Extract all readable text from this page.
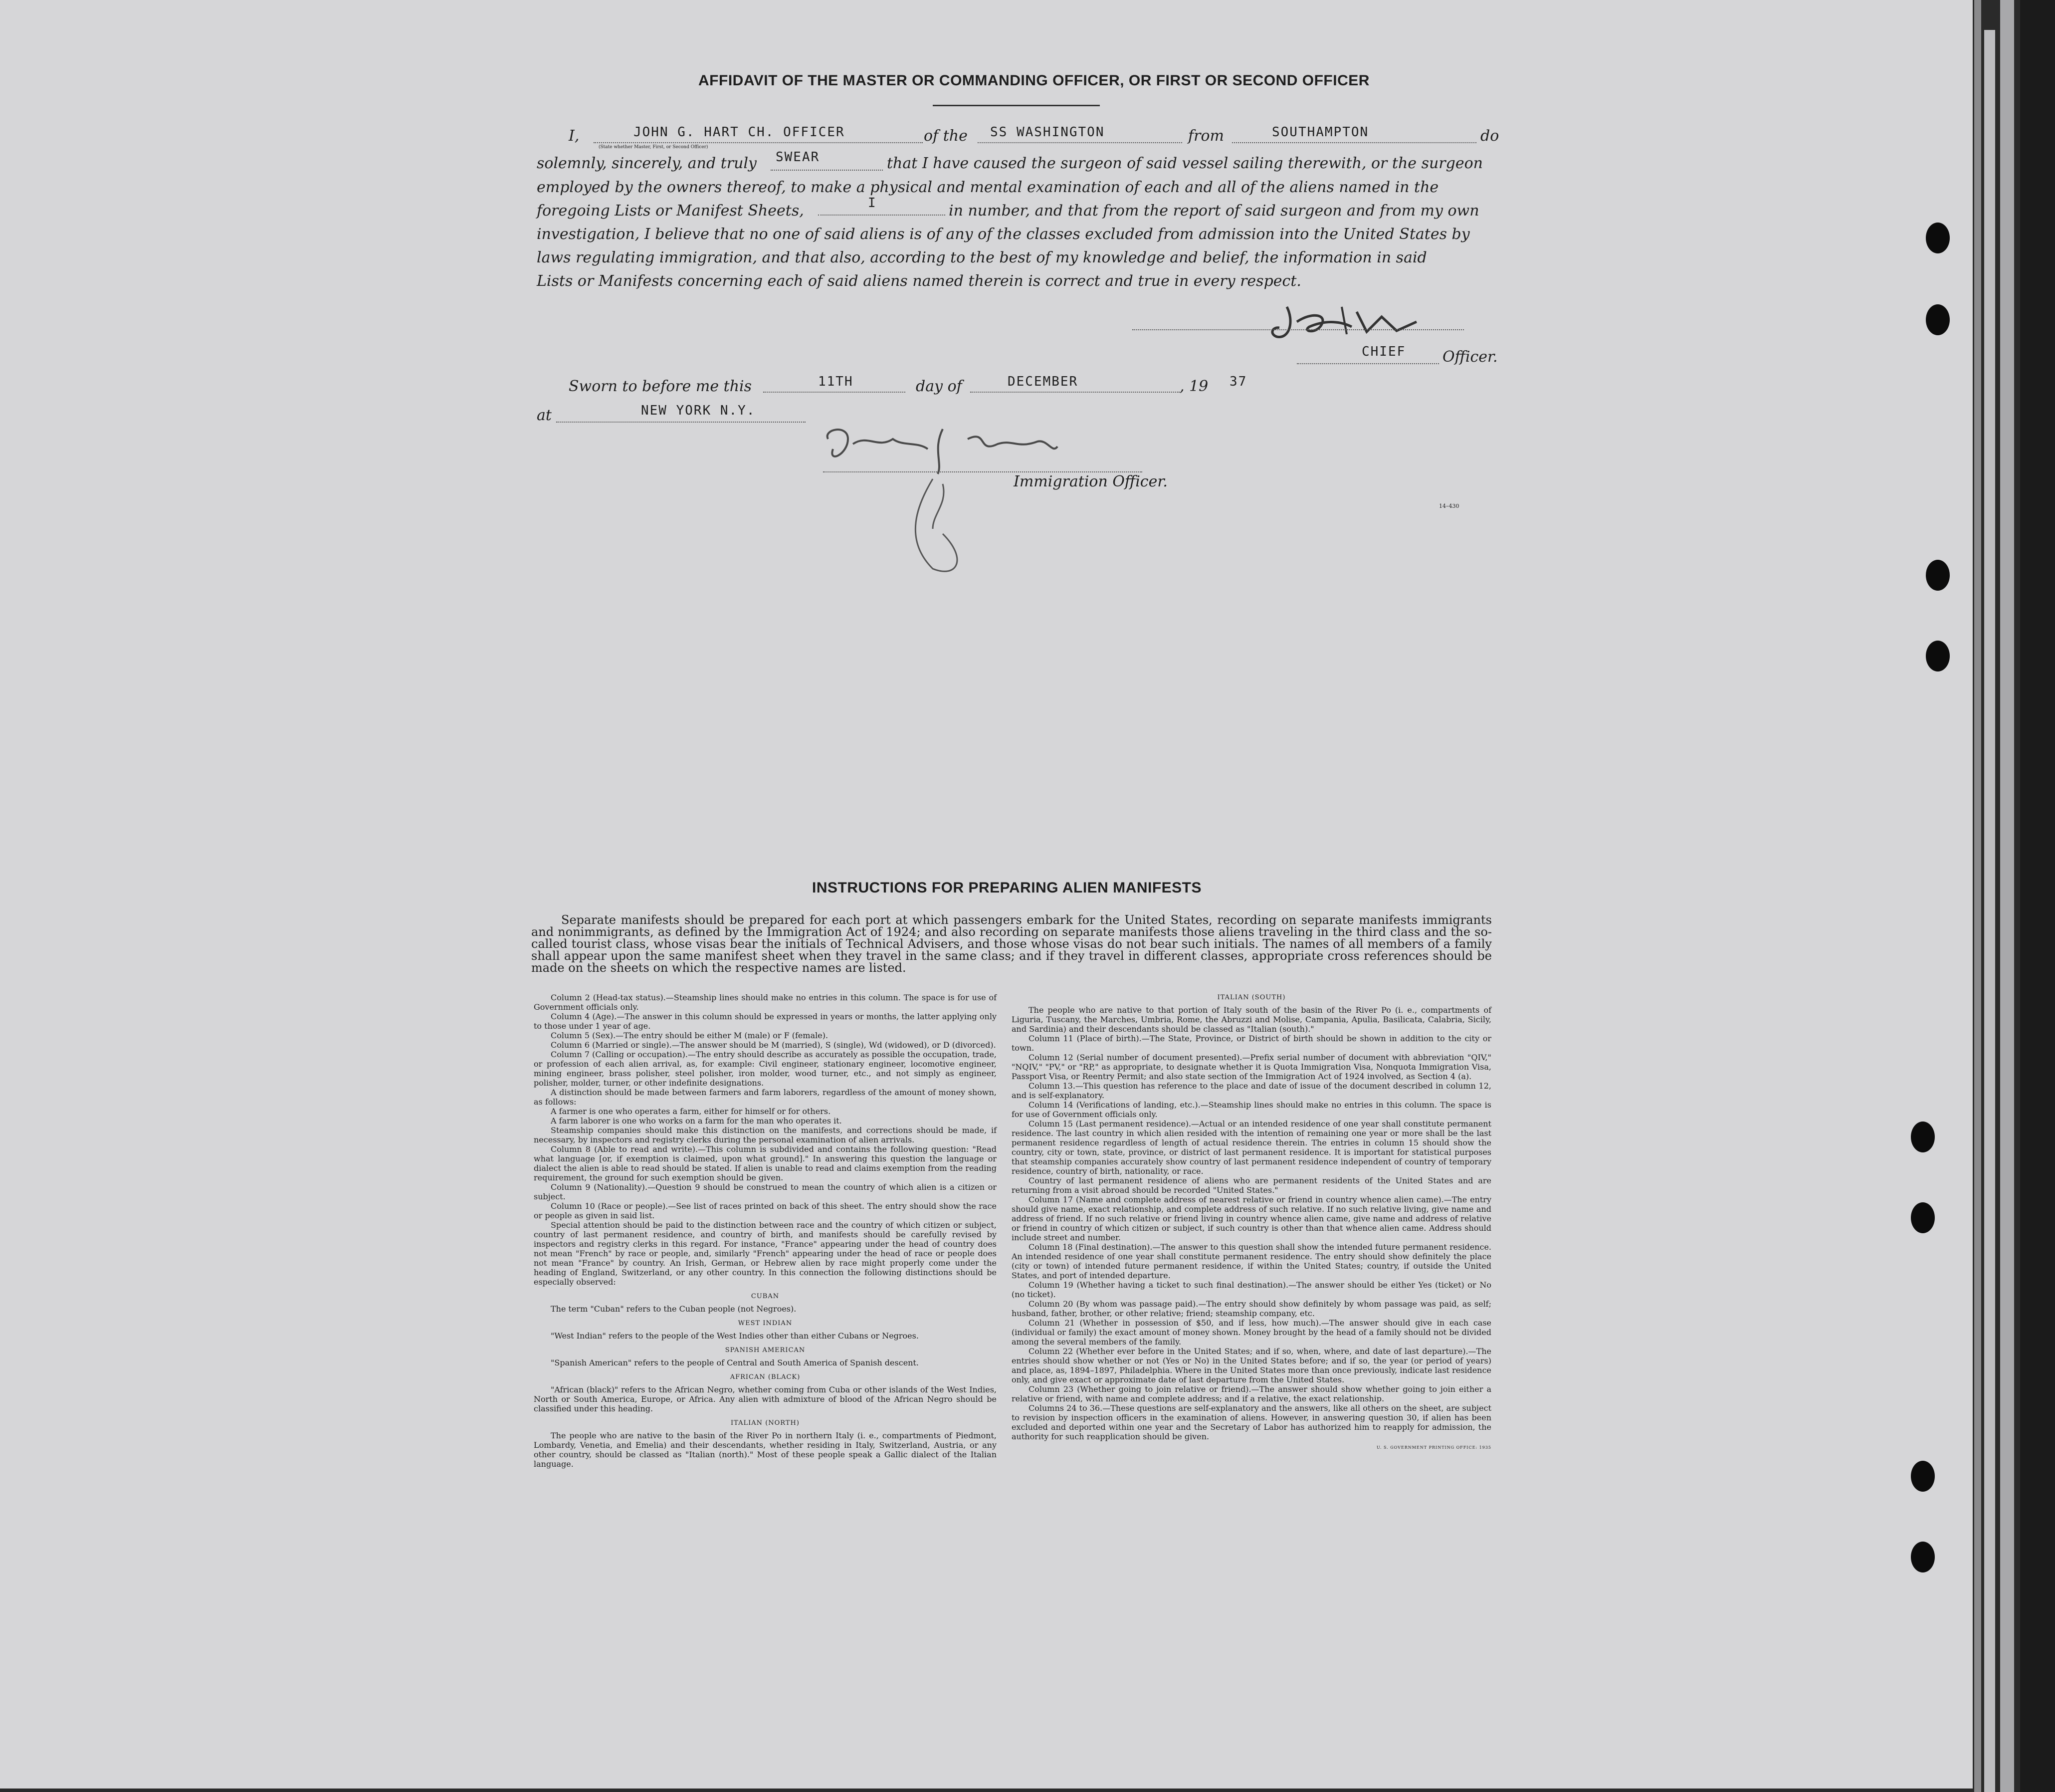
AFFIDAVIT OF THE MASTER OR COMMANDING OFFICER, OR FIRST OR SECOND OFFICER
I,	JOHN G. HART CH. OFFICER
(State whether Master, First, or Second Officer)
of the SS WASHINGTON	from	SOUTHAMPTON	do
solemnly, sincerely, and truly SWEAR	that I have caused the surgeon of said vessel sailing therewith, or the surgeon
employed by the owners thereof, to make a physical and mental examination of each and all of the aliens named in the
foregoing Lists or Manifest Sheets,	I	in number, and that from the report of said surgeon and from my own
investigation, I believe that no one of said aliens is of any of the classes excluded from admission into the United States by
laws regulating immigration, and that also, according to the best of my knowledge and belief, the information in said
Lists or Manifests concerning each of said aliens named therein is correct and true in every respect.
CHIEF Officer.
Sworn to before me this	11TH	day of	DECEMBER	, 19 37
at	NEW YORK N.Y.
Immigration Officer.
14–430
INSTRUCTIONS FOR PREPARING ALIEN MANIFESTS
Separate manifests should be prepared for each port at which passengers embark for the United States, recording on separate manifests immigrants and nonimmigrants, as defined by the Immigration Act of 1924; and also recording on separate manifests those aliens traveling in the third class and the so-called tourist class, whose visas bear the initials of Technical Advisers, and those whose visas do not bear such initials. The names of all members of a family shall appear upon the same manifest sheet when they travel in the same class; and if they travel in different classes, appropriate cross references should be made on the sheets on which the respective names are listed.

Column 2 (Head-tax status).—Steamship lines should make no entries in this column. The space is for use of Government officials only.

Column 4 (Age).—The answer in this column should be expressed in years or months, the latter applying only to those under 1 year of age.

Column 5 (Sex).—The entry should be either M (male) or F (female).

Column 6 (Married or single).—The answer should be M (married), S (single), Wd (widowed), or D (divorced).

Column 7 (Calling or occupation).—The entry should describe as accurately as possible the occupation, trade, or profession of each alien arrival, as, for example: Civil engineer, stationary engineer, locomotive engineer, mining engineer, brass polisher, steel polisher, iron molder, wood turner, etc., and not simply as engineer, polisher, molder, turner, or other indefinite designations.

A distinction should be made between farmers and farm laborers, regardless of the amount of money shown, as follows:

A farmer is one who operates a farm, either for himself or for others.

A farm laborer is one who works on a farm for the man who operates it.

Steamship companies should make this distinction on the manifests, and corrections should be made, if necessary, by inspectors and registry clerks during the personal examination of alien arrivals.

Column 8 (Able to read and write).—This column is subdivided and contains the following question: "Read what language [or, if exemption is claimed, upon what ground]." In answering this question the language or dialect the alien is able to read should be stated. If alien is unable to read and claims exemption from the reading requirement, the ground for such exemption should be given.

Column 9 (Nationality).—Question 9 should be construed to mean the country of which alien is a citizen or subject.

Column 10 (Race or people).—See list of races printed on back of this sheet. The entry should show the race or people as given in said list.

Special attention should be paid to the distinction between race and the country of which citizen or subject, country of last permanent residence, and country of birth, and manifests should be carefully revised by inspectors and registry clerks in this regard. For instance, "France" appearing under the head of country does not mean "French" by race or people, and, similarly "French" appearing under the head of race or people does not mean "France" by country. An Irish, German, or Hebrew alien by race might properly come under the heading of England, Switzerland, or any other country. In this connection the following distinctions should be especially observed:

CUBAN

The term "Cuban" refers to the Cuban people (not Negroes).

WEST INDIAN

"West Indian" refers to the people of the West Indies other than either Cubans or Negroes.

SPANISH AMERICAN

"Spanish American" refers to the people of Central and South America of Spanish descent.

AFRICAN (BLACK)

"African (black)" refers to the African Negro, whether coming from Cuba or other islands of the West Indies, North or South America, Europe, or Africa. Any alien with admixture of blood of the African Negro should be classified under this heading.

ITALIAN (NORTH)

The people who are native to the basin of the River Po in northern Italy (i. e., compartments of Piedmont, Lombardy, Venetia, and Emelia) and their descendants, whether residing in Italy, Switzerland, Austria, or any other country, should be classed as "Italian (north)." Most of these people speak a Gallic dialect of the Italian language.

ITALIAN (SOUTH)

The people who are native to that portion of Italy south of the basin of the River Po (i. e., compartments of Liguria, Tuscany, the Marches, Umbria, Rome, the Abruzzi and Molise, Campania, Apulia, Basilicata, Calabria, Sicily, and Sardinia) and their descendants should be classed as "Italian (south)."

Column 11 (Place of birth).—The State, Province, or District of birth should be shown in addition to the city or town.

Column 12 (Serial number of document presented).—Prefix serial number of document with abbreviation "QIV," "NQIV," "PV," or "RP," as appropriate, to designate whether it is Quota Immigration Visa, Nonquota Immigration Visa, Passport Visa, or Reentry Permit; and also state section of the Immigration Act of 1924 involved, as Section 4 (a).

Column 13.—This question has reference to the place and date of issue of the document described in column 12, and is self-explanatory.

Column 14 (Verifications of landing, etc.).—Steamship lines should make no entries in this column. The space is for use of Government officials only.

Column 15 (Last permanent residence).—Actual or an intended residence of one year shall constitute permanent residence. The last country in which alien resided with the intention of remaining one year or more shall be the last permanent residence regardless of length of actual residence therein. The entries in column 15 should show the country, city or town, state, province, or district of last permanent residence. It is important for statistical purposes that steamship companies accurately show country of last permanent residence independent of country of temporary residence, country of birth, nationality, or race.

Country of last permanent residence of aliens who are permanent residents of the United States and are returning from a visit abroad should be recorded "United States."

Column 17 (Name and complete address of nearest relative or friend in country whence alien came).—The entry should give name, exact relationship, and complete address of such relative. If no such relative living, give name and address of friend. If no such relative or friend living in country whence alien came, give name and address of relative or friend in country of which citizen or subject, if such country is other than that whence alien came. Address should include street and number.

Column 18 (Final destination).—The answer to this question shall show the intended future permanent residence. An intended residence of one year shall constitute permanent residence. The entry should show definitely the place (city or town) of intended future permanent residence, if within the United States; country, if outside the United States, and port of intended departure.

Column 19 (Whether having a ticket to such final destination).—The answer should be either Yes (ticket) or No (no ticket).

Column 20 (By whom was passage paid).—The entry should show definitely by whom passage was paid, as self; husband, father, brother, or other relative; friend; steamship company, etc.

Column 21 (Whether in possession of $50, and if less, how much).—The answer should give in each case (individual or family) the exact amount of money shown. Money brought by the head of a family should not be divided among the several members of the family.

Column 22 (Whether ever before in the United States; and if so, when, where, and date of last departure).—The entries should show whether or not (Yes or No) in the United States before; and if so, the year (or period of years) and place, as, 1894–1897, Philadelphia. Where in the United States more than once previously, indicate last residence only, and give exact or approximate date of last departure from the United States.

Column 23 (Whether going to join relative or friend).—The answer should show whether going to join either a relative or friend, with name and complete address; and if a relative, the exact relationship.

Columns 24 to 36.—These questions are self-explanatory and the answers, like all others on the sheet, are subject to revision by inspection officers in the examination of aliens. However, in answering question 30, if alien has been excluded and deported within one year and the Secretary of Labor has authorized him to reapply for admission, the authority for such reapplication should be given.

U. S. GOVERNMENT PRINTING OFFICE: 1935
